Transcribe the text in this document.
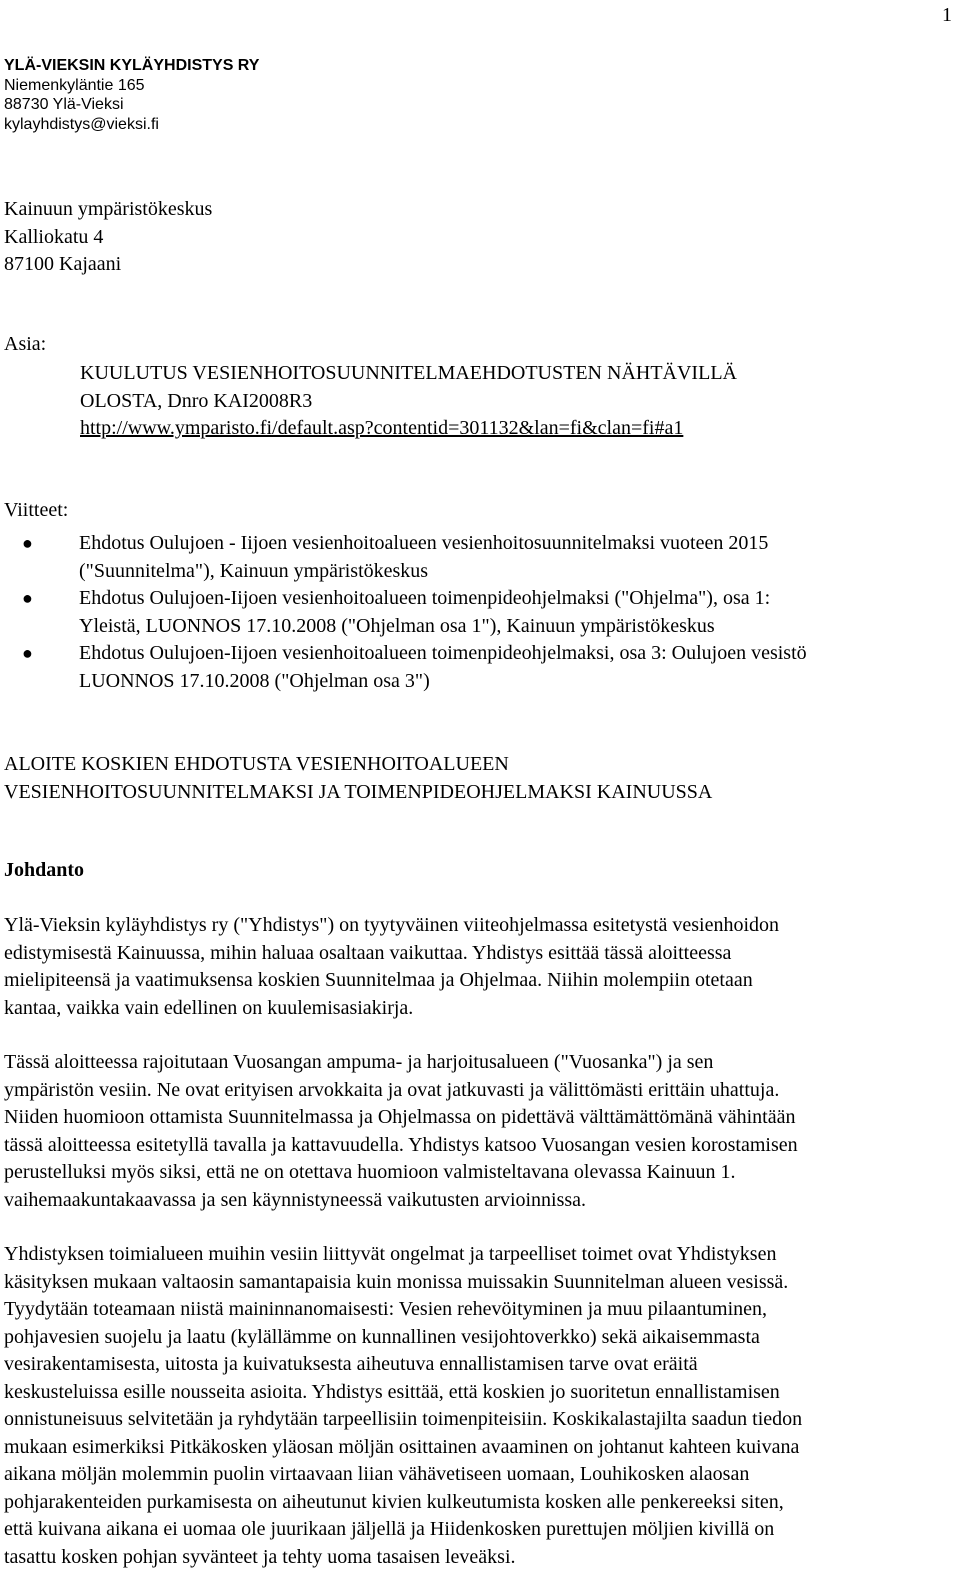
1
YLÄ-VIEKSIN KYLÄYHDISTYS RY
Niemenkyläntie 165
88730 Ylä-Vieksi
kylayhdistys@vieksi.fi
Kainuun ympäristökeskus
Kalliokatu 4
87100 Kajaani
Asia:
KUULUTUS VESIENHOITOSUUNNITELMAEHDOTUSTEN NÄHTÄVILLÄ
OLOSTA, Dnro KAI2008R3
http://www.ymparisto.fi/default.asp?contentid=301132&lan=fi&clan=fi#a1
Viitteet:
● Ehdotus Oulujoen - Iijoen vesienhoitoalueen vesienhoitosuunnitelmaksi vuoteen 2015
("Suunnitelma"), Kainuun ympäristökeskus
● Ehdotus Oulujoen-Iijoen vesienhoitoalueen toimenpideohjelmaksi ("Ohjelma"), osa 1:
Yleistä, LUONNOS 17.10.2008 ("Ohjelman osa 1"), Kainuun ympäristökeskus
● Ehdotus Oulujoen-Iijoen vesienhoitoalueen toimenpideohjelmaksi, osa 3: Oulujoen vesistö
LUONNOS 17.10.2008 ("Ohjelman osa 3")
ALOITE KOSKIEN EHDOTUSTA VESIENHOITOALUEEN
VESIENHOITOSUUNNITELMAKSI JA TOIMENPIDEOHJELMAKSI KAINUUSSA
Johdanto

Ylä-Vieksin kyläyhdistys ry ("Yhdistys") on tyytyväinen viiteohjelmassa esitetystä vesienhoidon
edistymisestä Kainuussa, mihin haluaa osaltaan vaikuttaa. Yhdistys esittää tässä aloitteessa
mielipiteensä ja vaatimuksensa koskien Suunnitelmaa ja Ohjelmaa. Niihin molempiin otetaan
kantaa, vaikka vain edellinen on kuulemisasiakirja.

Tässä aloitteessa rajoitutaan Vuosangan ampuma- ja harjoitusalueen ("Vuosanka") ja sen
ympäristön vesiin. Ne ovat erityisen arvokkaita ja ovat jatkuvasti ja välittömästi erittäin uhattuja.
Niiden huomioon ottamista Suunnitelmassa ja Ohjelmassa on pidettävä välttämättömänä vähintään
tässä aloitteessa esitetyllä tavalla ja kattavuudella. Yhdistys katsoo Vuosangan vesien korostamisen
perustelluksi myös siksi, että ne on otettava huomioon valmisteltavana olevassa Kainuun 1.
vaihemaakuntakaavassa ja sen käynnistyneessä vaikutusten arvioinnissa.

Yhdistyksen toimialueen muihin vesiin liittyvät ongelmat ja tarpeelliset toimet ovat Yhdistyksen
käsityksen mukaan valtaosin samantapaisia kuin monissa muissakin Suunnitelman alueen vesissä.
Tyydytään toteamaan niistä maininnanomaisesti: Vesien rehevöityminen ja muu pilaantuminen,
pohjavesien suojelu ja laatu (kylällämme on kunnallinen vesijohtoverkko) sekä aikaisemmasta
vesirakentamisesta, uitosta ja kuivatuksesta aiheutuva ennallistamisen tarve ovat eräitä
keskusteluissa esille nousseita asioita. Yhdistys esittää, että koskien jo suoritetun ennallistamisen
onnistuneisuus selvitetään ja ryhdytään tarpeellisiin toimenpiteisiin. Koskikalastajilta saadun tiedon
mukaan esimerkiksi Pitkäkosken yläosan möljän osittainen avaaminen on johtanut kahteen kuivana
aikana möljän molemmin puolin virtaavaan liian vähävetiseen uomaan, Louhikosken alaosan
pohjarakenteiden purkamisesta on aiheutunut kivien kulkeutumista kosken alle penkereeksi siten,
että kuivana aikana ei uomaa ole juurikaan jäljellä ja Hiidenkosken purettujen möljien kivillä on
tasattu kosken pohjan syvänteet ja tehty uoma tasaisen leveäksi.
